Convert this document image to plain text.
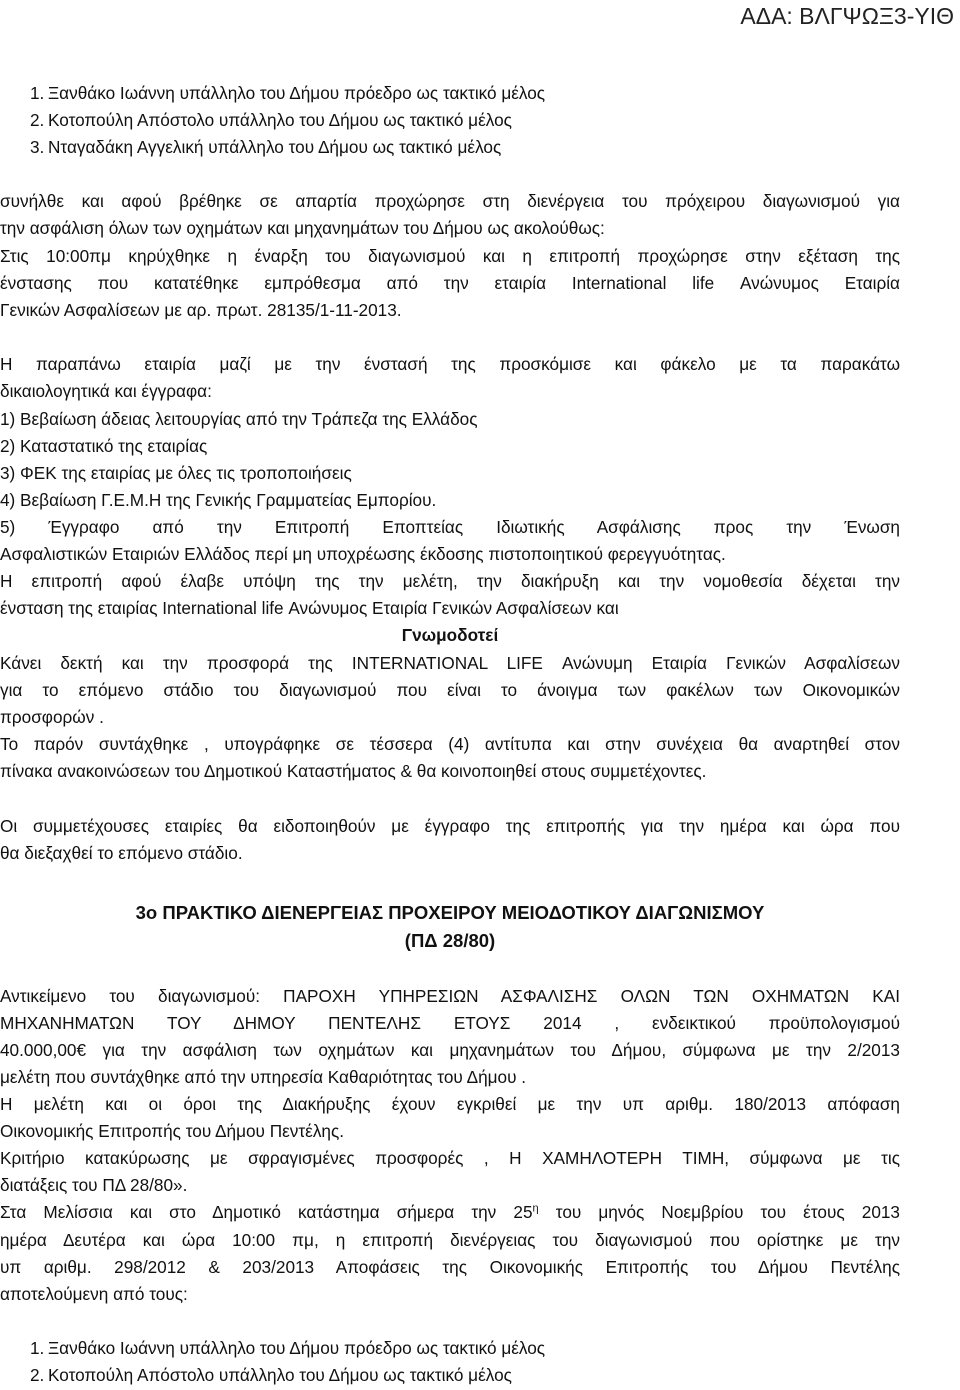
ΑΔΑ: ΒΛΓΨΩΞ3-ΥΙΘ
1. Ξανθάκο Ιωάννη υπάλληλο του Δήμου πρόεδρο ως τακτικό μέλος
2. Κοτοπούλη Απόστολο υπάλληλο του Δήμου ως τακτικό μέλος
3. Νταγαδάκη Αγγελική υπάλληλο του Δήμου ως τακτικό μέλος
συνήλθε και αφού βρέθηκε σε απαρτία προχώρησε στη διενέργεια του πρόχειρου διαγωνισμού για
την ασφάλιση όλων των οχημάτων και μηχανημάτων του Δήμου ως ακολούθως:
Στις 10:00πμ κηρύχθηκε η έναρξη του διαγωνισμού και η επιτροπή προχώρησε στην εξέταση της
ένστασης που κατατέθηκε εμπρόθεσμα από την εταιρία International life Ανώνυμος Εταιρία
Γενικών Ασφαλίσεων με αρ. πρωτ. 28135/1-11-2013.
Η παραπάνω εταιρία μαζί με την ένστασή της προσκόμισε και φάκελο με τα παρακάτω
δικαιολογητικά και έγγραφα:
1) Βεβαίωση άδειας λειτουργίας από την Τράπεζα της Ελλάδος
2) Καταστατικό της εταιρίας
3) ΦΕΚ της εταιρίας με όλες τις τροποποιήσεις
4) Βεβαίωση Γ.Ε.Μ.Η της Γενικής Γραμματείας Εμπορίου.
5) Έγγραφο από την Επιτροπή Εποπτείας Ιδιωτικής Ασφάλισης προς την Ένωση
Ασφαλιστικών Εταιριών Ελλάδος περί μη υποχρέωσης έκδοσης πιστοποιητικού φερεγγυότητας.
Η επιτροπή αφού έλαβε υπόψη της την μελέτη, την διακήρυξη και την νομοθεσία δέχεται την
ένσταση της εταιρίας International life Ανώνυμος Εταιρία Γενικών Ασφαλίσεων και
Γνωμοδοτεί
Κάνει δεκτή και την προσφορά της INTERNATIONAL LIFE Ανώνυμη Εταιρία Γενικών Ασφαλίσεων
για το επόμενο στάδιο του διαγωνισμού που είναι το άνοιγμα των φακέλων των Οικονομικών
προσφορών .
Το παρόν συντάχθηκε , υπογράφηκε σε τέσσερα (4) αντίτυπα και στην συνέχεια θα αναρτηθεί στον
πίνακα ανακοινώσεων του Δημοτικού Καταστήματος & θα κοινοποιηθεί στους συμμετέχοντες.
Οι συμμετέχουσες εταιρίες θα ειδοποιηθούν με έγγραφο της επιτροπής για την ημέρα και ώρα που
θα διεξαχθεί το επόμενο στάδιο.
3ο ΠΡΑΚΤΙΚΟ ΔΙΕΝΕΡΓΕΙΑΣ ΠΡΟΧΕΙΡΟΥ ΜΕΙΟΔΟΤΙΚΟΥ ΔΙΑΓΩΝΙΣΜΟΥ
(ΠΔ 28/80)
Αντικείμενο του διαγωνισμού: ΠΑΡΟΧΗ ΥΠΗΡΕΣΙΩΝ ΑΣΦΑΛΙΣΗΣ ΟΛΩΝ ΤΩΝ ΟΧΗΜΑΤΩΝ ΚΑΙ
ΜΗΧΑΝΗΜΑΤΩΝ ΤΟΥ ΔΗΜΟΥ ΠΕΝΤΕΛΗΣ ΕΤΟΥΣ 2014 , ενδεικτικού προϋπολογισμού
40.000,00€ για την ασφάλιση των οχημάτων και μηχανημάτων του Δήμου, σύμφωνα με την 2/2013
μελέτη που συντάχθηκε από την υπηρεσία Καθαριότητας του Δήμου .
Η μελέτη και οι όροι της Διακήρυξης έχουν εγκριθεί με την υπ αριθμ. 180/2013 απόφαση
Οικονομικής Επιτροπής του Δήμου Πεντέλης.
Κριτήριο κατακύρωσης με σφραγισμένες προσφορές , Η ΧΑΜΗΛΟΤΕΡΗ ΤΙΜΗ, σύμφωνα με τις
διατάξεις του ΠΔ 28/80».
Στα Μελίσσια και στο Δημοτικό κατάστημα σήμερα την $25^\eta$ του μηνός Νοεμβρίου του έτους 2013
ημέρα Δευτέρα και ώρα 10:00 πμ, η επιτροπή διενέργειας του διαγωνισμού που ορίστηκε με την
υπ αριθμ. 298/2012 & 203/2013 Αποφάσεις της Οικονομικής Επιτροπής του Δήμου Πεντέλης
αποτελούμενη από τους:
1. Ξανθάκο Ιωάννη υπάλληλο του Δήμου πρόεδρο ως τακτικό μέλος
2. Κοτοπούλη Απόστολο υπάλληλο του Δήμου ως τακτικό μέλος
